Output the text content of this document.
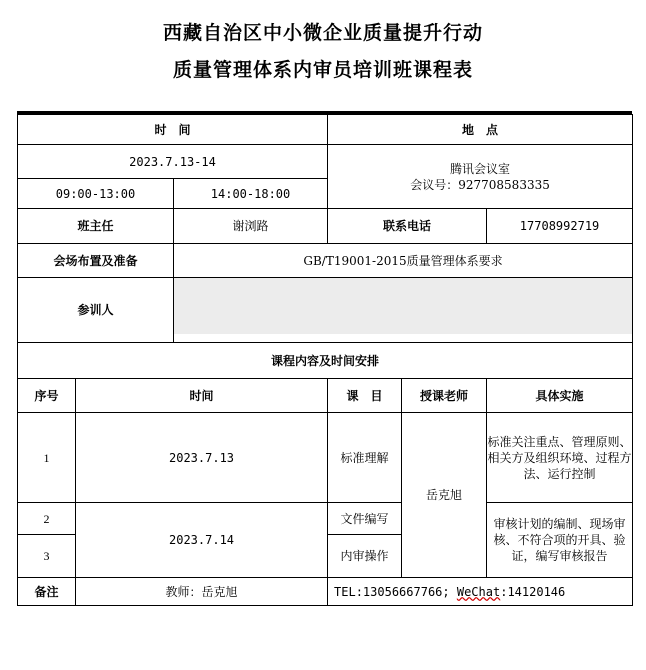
西藏自治区中小微企业质量提升行动
质量管理体系内审员培训班课程表
时　间			地　点		
2023.7.13-14			腾讯会议室
会议号：927708583335		

09:00-13:00		14:00-18:00			
班主任		谢浏路	联系电话		17708992719
会场布置及准备		GB/T19001-2015质量管理体系要求			
参训人					

课程内容及时间安排					
序号	时间		课　目	授课老师	具体实施
1	2023.7.13		标准理解	岳克旭	标准关注重点、管理原则、相关方及组织环境、过程方法、运行控制
2	2023.7.14		文件编写		审核计划的编制、现场审核、不符合项的开具、验证，编写审核报告
3			内审操作		
备注	教师：岳克旭		TEL:13056667766; WeChat:14120146		
